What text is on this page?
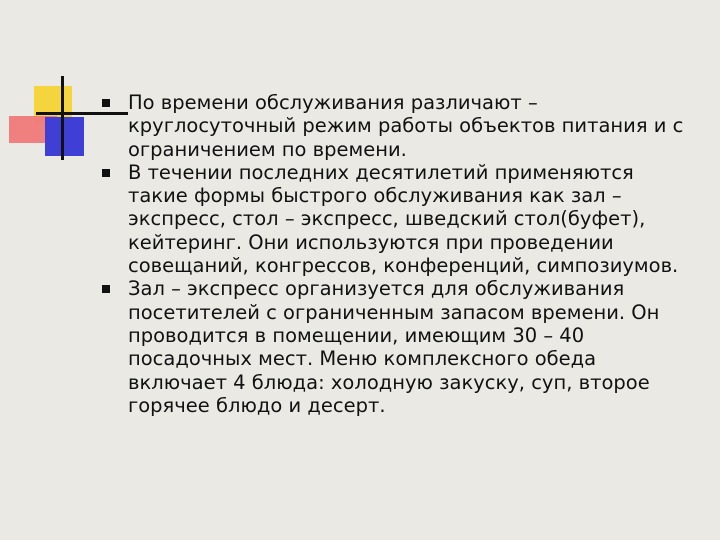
По времени обслуживания различают – круглосуточный режим работы объектов питания и с ограничением по времени.
В течении последних десятилетий применяются такие формы быстрого обслуживания как зал – экспресс, стол – экспресс, шведский стол(буфет), кейтеринг. Они используются при проведении совещаний, конгрессов, конференций, симпозиумов.
Зал – экспресс организуется для обслуживания посетителей с ограниченным запасом времени. Он проводится в помещении, имеющим 30 – 40 посадочных мест. Меню комплексного обеда включает 4 блюда: холодную закуску, суп, второе горячее блюдо и десерт.
